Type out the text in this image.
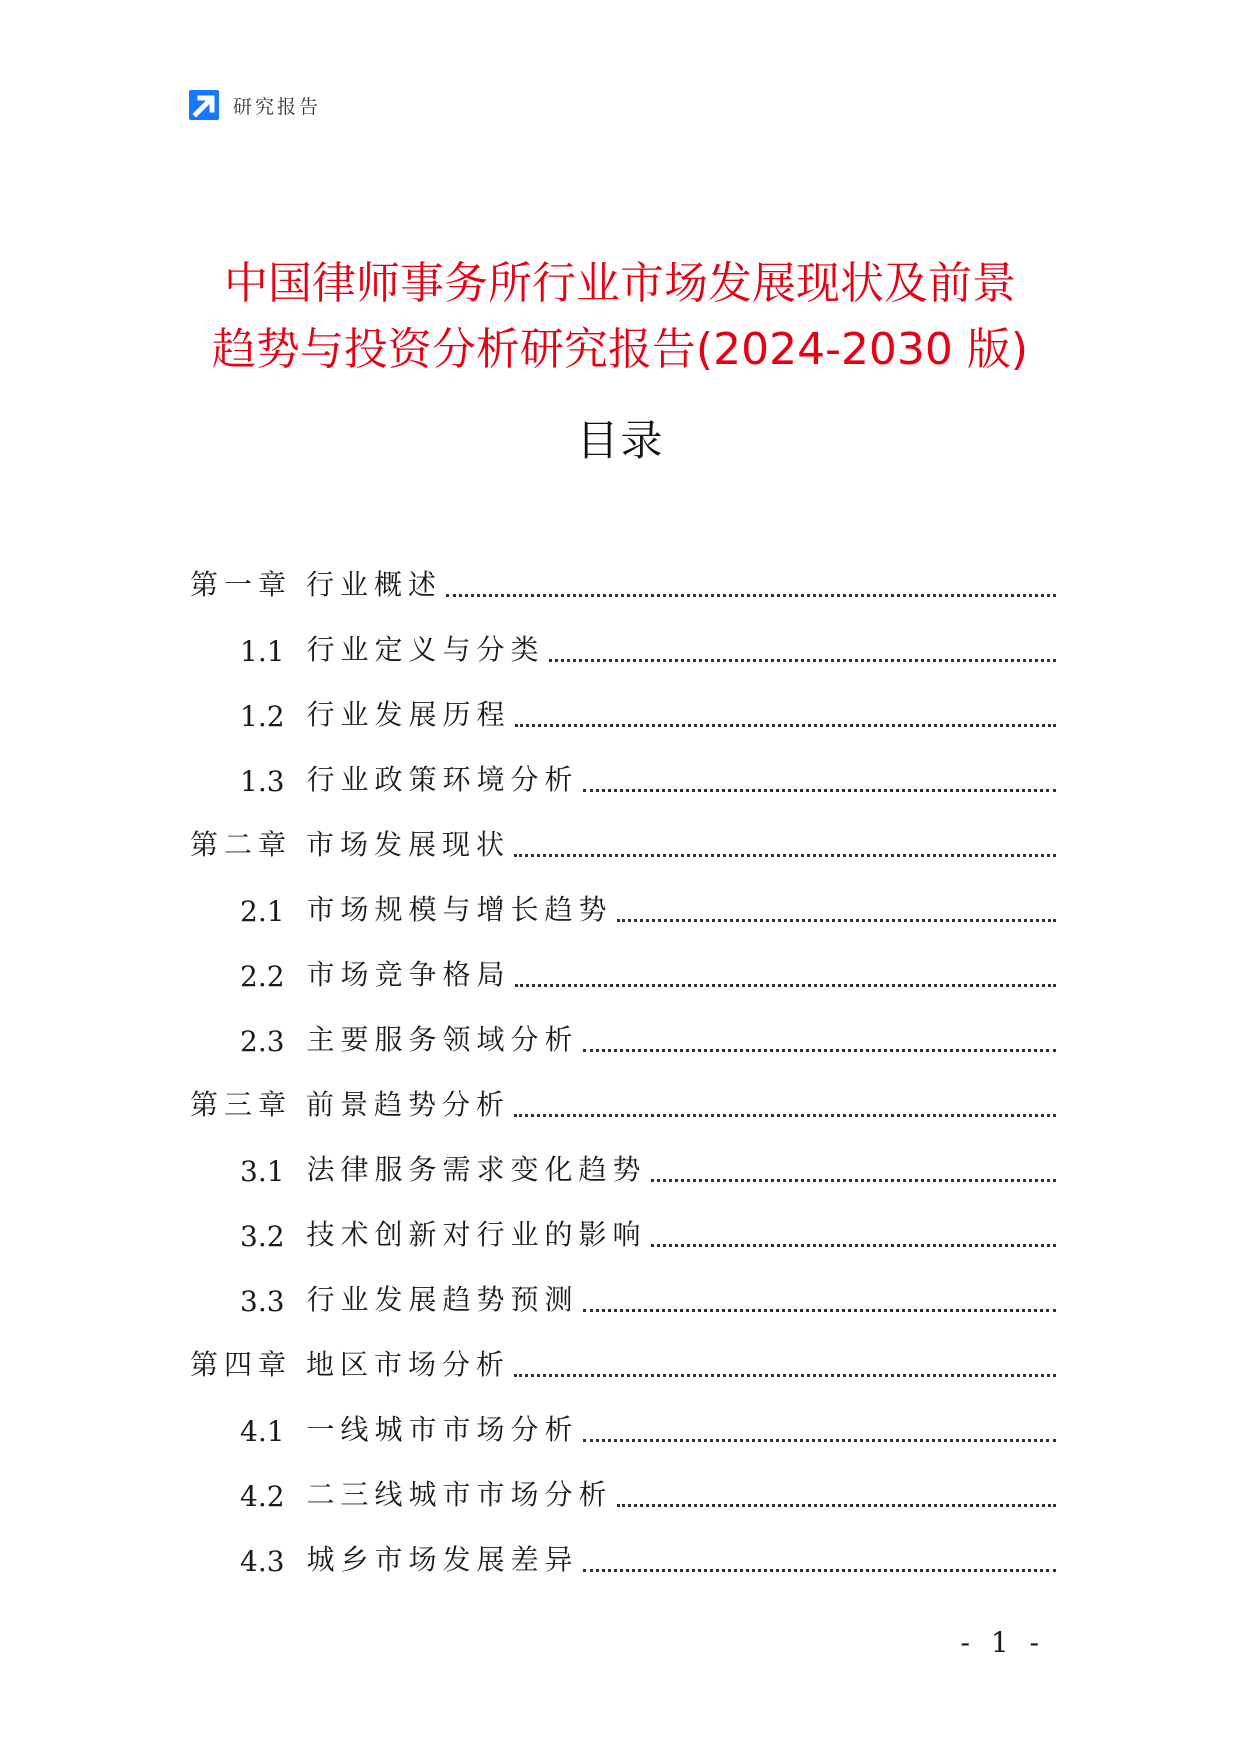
研究报告
中国律师事务所行业市场发展现状及前景
趋势与投资分析研究报告(2024-2030 版)
目录
第一章 行业概述
1.1 行业定义与分类
1.2 行业发展历程
1.3 行业政策环境分析
第二章 市场发展现状
2.1 市场规模与增长趋势
2.2 市场竞争格局
2.3 主要服务领域分析
第三章 前景趋势分析
3.1 法律服务需求变化趋势
3.2 技术创新对行业的影响
3.3 行业发展趋势预测
第四章 地区市场分析
4.1 一线城市市场分析
4.2 二三线城市市场分析
4.3 城乡市场发展差异
- 1 -
